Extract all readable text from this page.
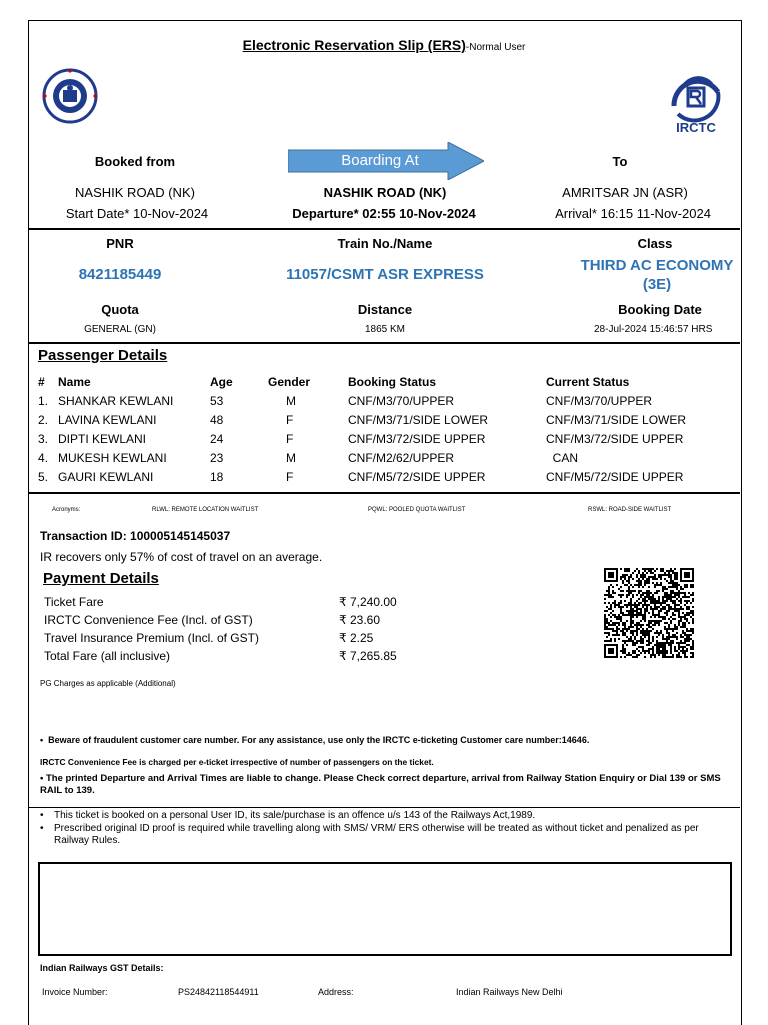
Electronic Reservation Slip (ERS)-Normal User
IRCTC
Booked from	Boarding At	To
NASHIK ROAD (NK)	NASHIK ROAD (NK)	AMRITSAR JN (ASR)
Start Date* 10-Nov-2024	Departure* 02:55 10-Nov-2024	Arrival* 16:15 11-Nov-2024
PNR	Train No./Name	Class
8421185449	11057/CSMT ASR EXPRESS
THIRD AC ECONOMY
(3E)
Quota	Distance	Booking Date
GENERAL (GN)	1865 KM	28-Jul-2024 15:46:57 HRS
Passenger Details
#	Name	Age	Gender	Booking Status	Current Status
1.	SHANKAR KEWLANI	53	M	CNF/M3/70/UPPER	CNF/M3/70/UPPER
2.	LAVINA KEWLANI	48	F	CNF/M3/71/SIDE LOWER	CNF/M3/71/SIDE LOWER
3.	DIPTI KEWLANI	24	F	CNF/M3/72/SIDE UPPER	CNF/M3/72/SIDE UPPER
4.	MUKESH KEWLANI	23	M	CNF/M2/62/UPPER	CAN
5.	GAURI KEWLANI	18	F	CNF/M5/72/SIDE UPPER	CNF/M5/72/SIDE UPPER
Acronyms:	RLWL: REMOTE LOCATION WAITLIST	PQWL: POOLED QUOTA WAITLIST	RSWL: ROAD-SIDE WAITLIST
Transaction ID: 100005145145037
IR recovers only 57% of cost of travel on an average.
Payment Details
Ticket Fare	₹ 7,240.00
IRCTC Convenience Fee (Incl. of GST)	₹ 23.60
Travel Insurance Premium (Incl. of GST)	₹ 2.25
Total Fare (all inclusive)	₹ 7,265.85
PG Charges as applicable (Additional)
•  Beware of fraudulent customer care number. For any assistance, use only the IRCTC e-ticketing Customer care number:14646.
IRCTC Convenience Fee is charged per e-ticket irrespective of number of passengers on the ticket.
• The printed Departure and Arrival Times are liable to change. Please Check correct departure, arrival from Railway Station Enquiry or Dial 139 or SMS RAIL to 139.
•	This ticket is booked on a personal User ID, its sale/purchase is an offence u/s 143 of the Railways Act,1989.
•	Prescribed original ID proof is required while travelling along with SMS/ VRM/ ERS otherwise will be treated as without ticket and penalized as per Railway Rules.
Indian Railways GST Details:
Invoice Number:	PS24842118544911	Address:	Indian Railways New Delhi
